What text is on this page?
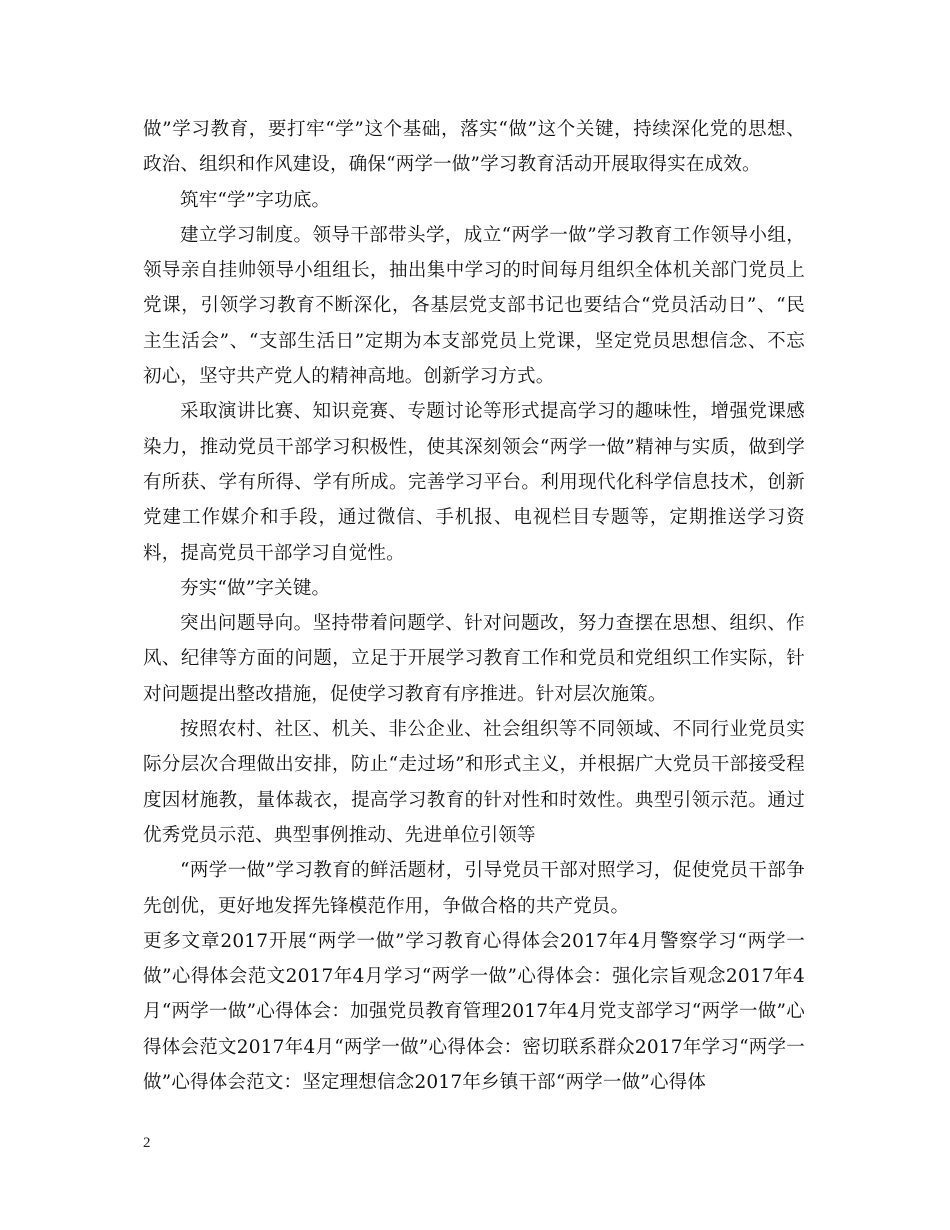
做”学习教育，要打牢“学”这个基础，落实“做”这个关键，持续深化党的思想、政治、组织和作风建设，确保“两学一做”学习教育活动开展取得实在成效。

筑牢“学”字功底。

建立学习制度。领导干部带头学，成立“两学一做”学习教育工作领导小组，领导亲自挂帅领导小组组长，抽出集中学习的时间每月组织全体机关部门党员上党课，引领学习教育不断深化，各基层党支部书记也要结合“党员活动日”、“民主生活会”、“支部生活日”定期为本支部党员上党课，坚定党员思想信念、不忘初心，坚守共产党人的精神高地。创新学习方式。

采取演讲比赛、知识竞赛、专题讨论等形式提高学习的趣味性，增强党课感染力，推动党员干部学习积极性，使其深刻领会“两学一做”精神与实质，做到学有所获、学有所得、学有所成。完善学习平台。利用现代化科学信息技术，创新党建工作媒介和手段，通过微信、手机报、电视栏目专题等，定期推送学习资料，提高党员干部学习自觉性。

夯实“做”字关键。

突出问题导向。坚持带着问题学、针对问题改，努力查摆在思想、组织、作风、纪律等方面的问题，立足于开展学习教育工作和党员和党组织工作实际，针对问题提出整改措施，促使学习教育有序推进。针对层次施策。

按照农村、社区、机关、非公企业、社会组织等不同领域、不同行业党员实际分层次合理做出安排，防止“走过场”和形式主义，并根据广大党员干部接受程度因材施教，量体裁衣，提高学习教育的针对性和时效性。典型引领示范。通过优秀党员示范、典型事例推动、先进单位引领等

“两学一做”学习教育的鲜活题材，引导党员干部对照学习，促使党员干部争先创优，更好地发挥先锋模范作用，争做合格的共产党员。

更多文章2017开展“两学一做”学习教育心得体会2017年4月警察学习“两学一做”心得体会范文2017年4月学习“两学一做”心得体会：强化宗旨观念2017年4月“两学一做”心得体会：加强党员教育管理2017年4月党支部学习“两学一做”心得体会范文2017年4月“两学一做”心得体会：密切联系群众2017年学习“两学一做”心得体会范文：坚定理想信念2017年乡镇干部“两学一做”心得体

2
